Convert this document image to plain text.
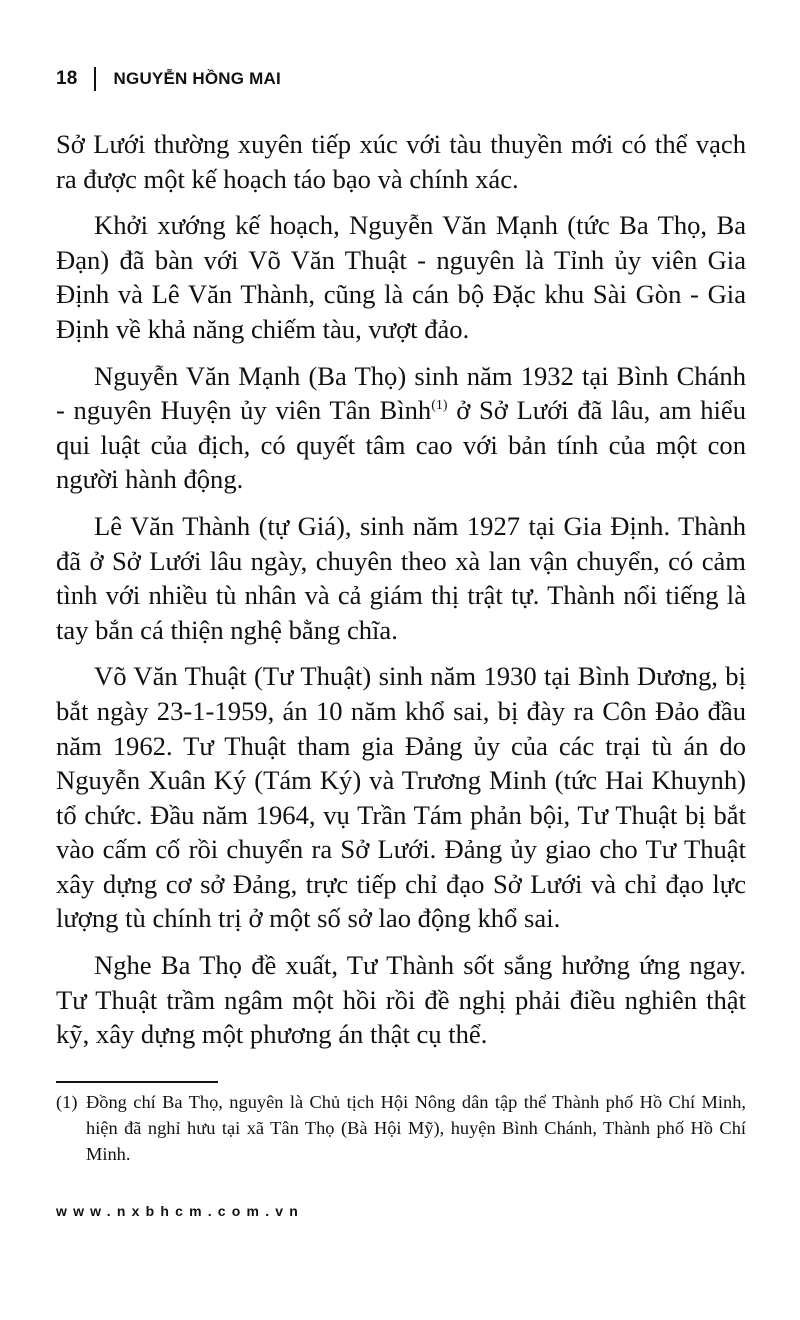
18 NGUYỄN HỒNG MAI

Sở Lưới thường xuyên tiếp xúc với tàu thuyền mới có thể vạch ra được một kế hoạch táo bạo và chính xác.

Khởi xướng kế hoạch, Nguyễn Văn Mạnh (tức Ba Thọ, Ba Đạn) đã bàn với Võ Văn Thuật - nguyên là Tỉnh ủy viên Gia Định và Lê Văn Thành, cũng là cán bộ Đặc khu Sài Gòn - Gia Định về khả năng chiếm tàu, vượt đảo.

Nguyễn Văn Mạnh (Ba Thọ) sinh năm 1932 tại Bình Chánh - nguyên Huyện ủy viên Tân Bình$^{(1)}$ ở Sở Lưới đã lâu, am hiểu qui luật của địch, có quyết tâm cao với bản tính của một con người hành động.

Lê Văn Thành (tự Giá), sinh năm 1927 tại Gia Định. Thành đã ở Sở Lưới lâu ngày, chuyên theo xà lan vận chuyển, có cảm tình với nhiều tù nhân và cả giám thị trật tự. Thành nổi tiếng là tay bắn cá thiện nghệ bằng chĩa.

Võ Văn Thuật (Tư Thuật) sinh năm 1930 tại Bình Dương, bị bắt ngày 23-1-1959, án 10 năm khổ sai, bị đày ra Côn Đảo đầu năm 1962. Tư Thuật tham gia Đảng ủy của các trại tù án do Nguyễn Xuân Ký (Tám Ký) và Trương Minh (tức Hai Khuynh) tổ chức. Đầu năm 1964, vụ Trần Tám phản bội, Tư Thuật bị bắt vào cấm cố rồi chuyển ra Sở Lưới. Đảng ủy giao cho Tư Thuật xây dựng cơ sở Đảng, trực tiếp chỉ đạo Sở Lưới và chỉ đạo lực lượng tù chính trị ở một số sở lao động khổ sai.

Nghe Ba Thọ đề xuất, Tư Thành sốt sắng hưởng ứng ngay. Tư Thuật trầm ngâm một hồi rồi đề nghị phải điều nghiên thật kỹ, xây dựng một phương án thật cụ thể.

(1) Đồng chí Ba Thọ, nguyên là Chủ tịch Hội Nông dân tập thể Thành phố Hồ Chí Minh, hiện đã nghỉ hưu tại xã Tân Thọ (Bà Hội Mỹ), huyện Bình Chánh, Thành phố Hồ Chí Minh.
www.nxbhcm.com.vn
